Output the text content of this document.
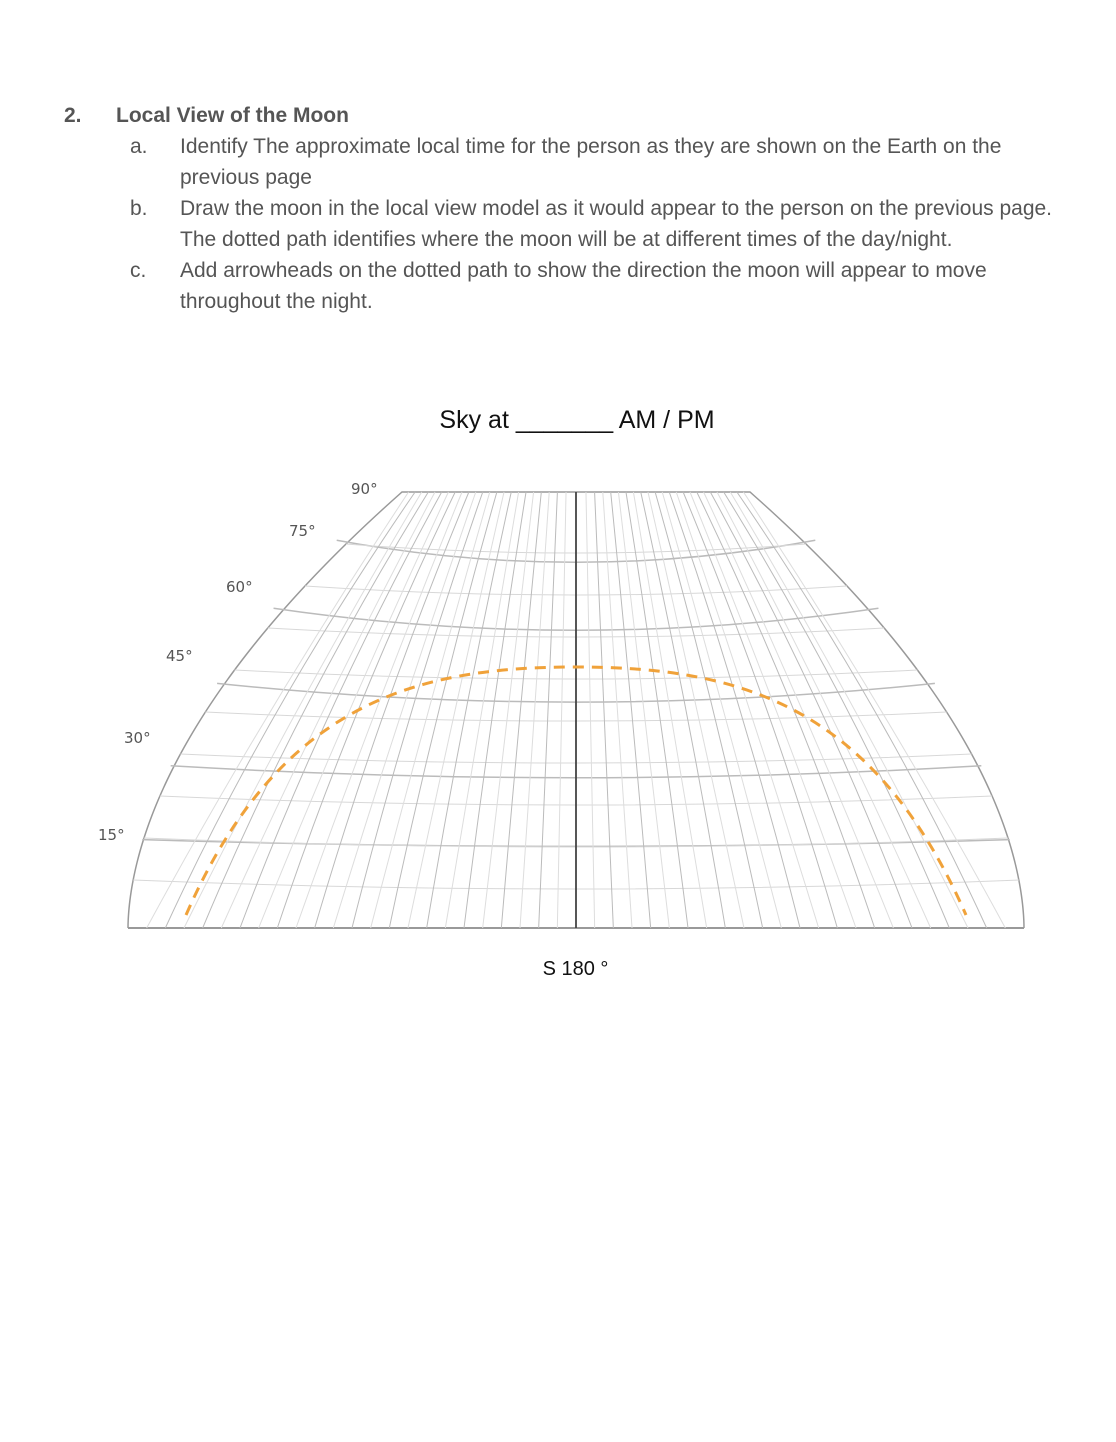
2.	Local View of the Moon
a.	Identify The approximate local time for the person as they are shown on the Earth on the previous page
b.	Draw the moon in the local view model as it would appear to the person on the previous page. The dotted path identifies where the moon will be at different times of the day/night.
c.	Add arrowheads on the dotted path to show the direction the moon will appear to move throughout the night.
Sky at _______ AM / PM
15°
30°
45°
60°
75°
90°
S 180 °
